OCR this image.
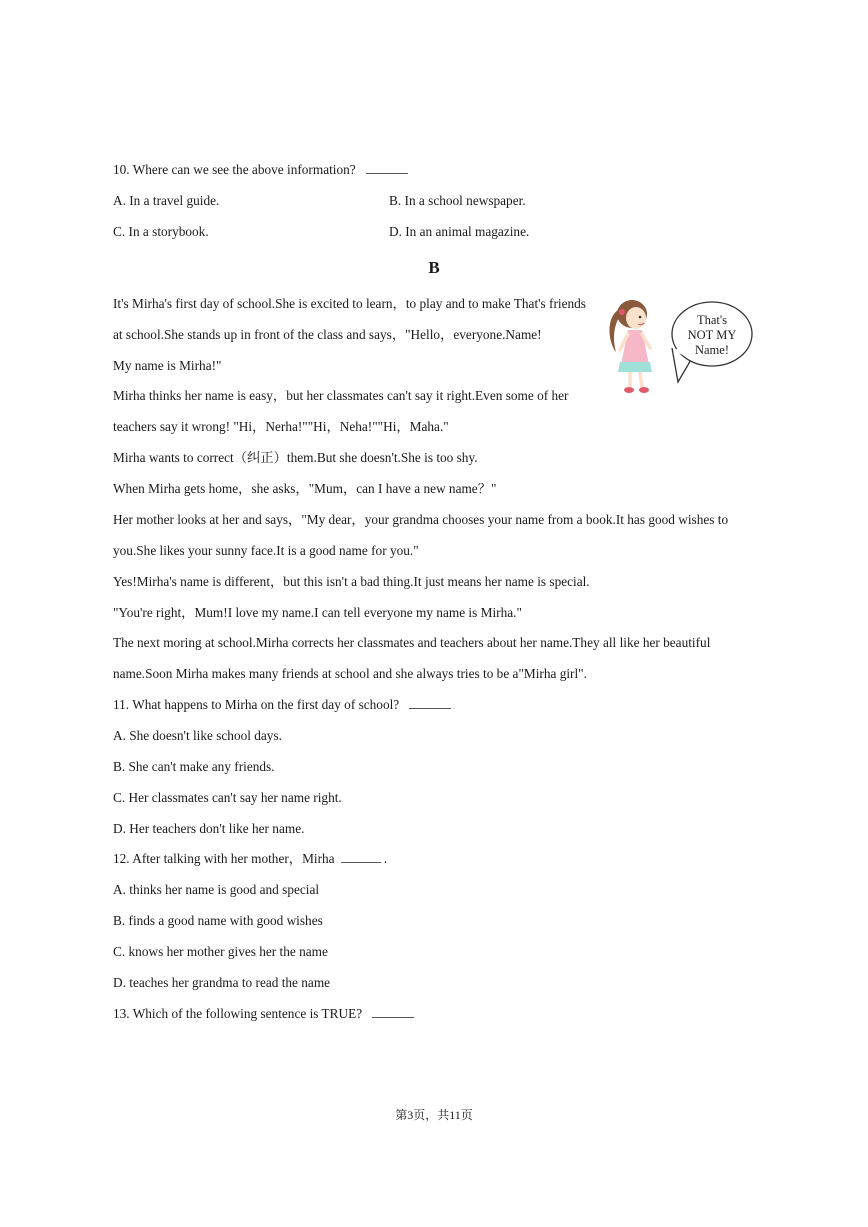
10. Where can we see the above information?
A. In a travel guide.	B. In a school newspaper.
C. In a storybook.	D. In an animal magazine.
B
It's Mirha's first day of school.She is excited to learn，to play and to make That's friends
at school.She stands up in front of the class and says，"Hello，everyone.Name!
My name is Mirha!"
Mirha thinks her name is easy，but her classmates can't say it right.Even some of her
teachers say it wrong! "Hi，Nerha!""Hi，Neha!""Hi，Maha."
Mirha wants to correct（纠正）them.But she doesn't.She is too shy.
When Mirha gets home，she asks，"Mum，can I have a new name？"
Her mother looks at her and says，"My dear，your grandma chooses your name from a book.It has good wishes to
you.She likes your sunny face.It is a good name for you."
Yes!Mirha's name is different，but this isn't a bad thing.It just means her name is special.
"You're right，Mum!I love my name.I can tell everyone my name is Mirha."
The next moring at school.Mirha corrects her classmates and teachers about her name.They all like her beautiful
name.Soon Mirha makes many friends at school and she always tries to be a"Mirha girl".
That's
NOT MY
Name!
11. What happens to Mirha on the first day of school?
A. She doesn't like school days.
B. She can't make any friends.
C. Her classmates can't say her name right.
D. Her teachers don't like her name.
12. After talking with her mother，Mirha	.
A. thinks her name is good and special
B. finds a good name with good wishes
C. knows her mother gives her the name
D. teaches her grandma to read the name
13. Which of the following sentence is TRUE?
第3页，共11页
